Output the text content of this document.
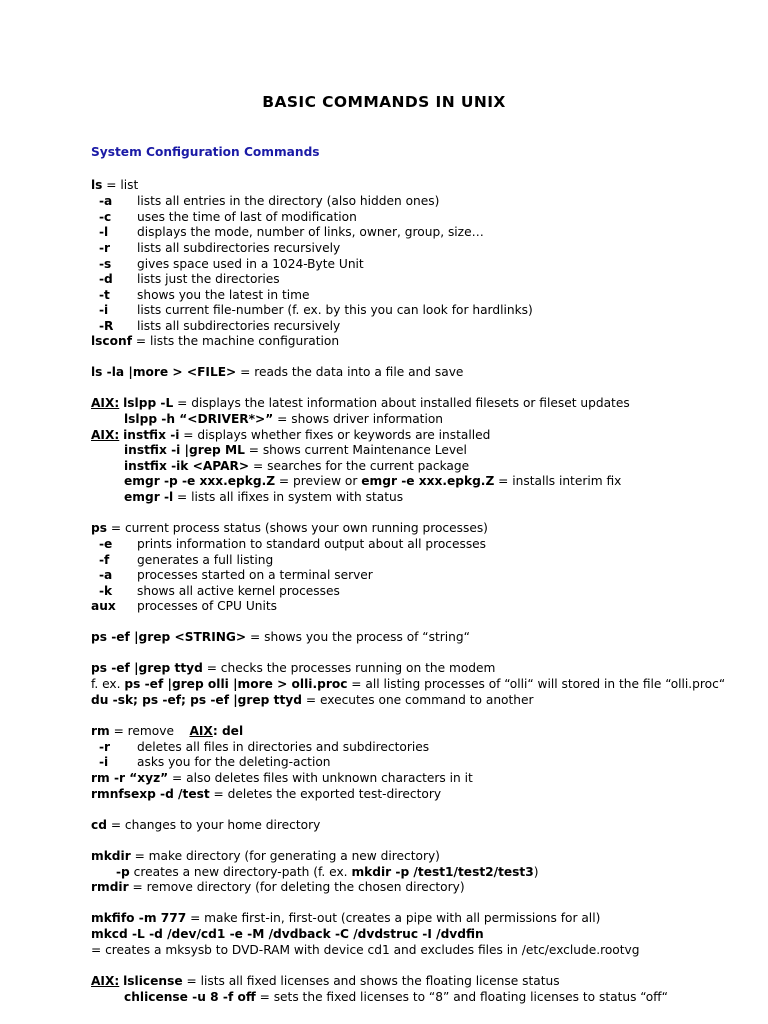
BASIC COMMANDS IN UNIX
System Configuration Commands
ls = list
-a lists all entries in the directory (also hidden ones)
-c uses the time of last of modification
-l displays the mode, number of links, owner, group, size…
-r lists all subdirectories recursively
-s gives space used in a 1024-Byte Unit
-d lists just the directories
-t shows you the latest in time
-i lists current file-number (f. ex. by this you can look for hardlinks)
-R lists all subdirectories recursively
lsconf = lists the machine configuration
ls -la |more > <FILE> = reads the data into a file and save
AIX: lslpp -L = displays the latest information about installed filesets or fileset updates
lslpp -h “<DRIVER*>” = shows driver information
AIX: instfix -i = displays whether fixes or keywords are installed
instfix -i |grep ML = shows current Maintenance Level
instfix -ik <APAR> = searches for the current package
emgr -p -e xxx.epkg.Z = preview or emgr -e xxx.epkg.Z = installs interim fix
emgr -l = lists all ifixes in system with status
ps = current process status (shows your own running processes)
-e prints information to standard output about all processes
-f generates a full listing
-a processes started on a terminal server
-k shows all active kernel processes
aux processes of CPU Units
ps -ef |grep <STRING> = shows you the process of “string“
ps -ef |grep ttyd = checks the processes running on the modem
f. ex. ps -ef |grep olli |more > olli.proc = all listing processes of “olli“ will stored in the file “olli.proc“
du -sk; ps -ef; ps -ef |grep ttyd = executes one command to another
rm = remove AIX: del
-r deletes all files in directories and subdirectories
-i asks you for the deleting-action
rm -r “xyz” = also deletes files with unknown characters in it
rmnfsexp -d /test = deletes the exported test-directory
cd = changes to your home directory
mkdir = make directory (for generating a new directory)
-p creates a new directory-path (f. ex. mkdir -p /test1/test2/test3)
rmdir = remove directory (for deleting the chosen directory)
mkfifo -m 777 = make first-in, first-out (creates a pipe with all permissions for all)
mkcd -L -d /dev/cd1 -e -M /dvdback -C /dvdstruc -I /dvdfin
= creates a mksysb to DVD-RAM with device cd1 and excludes files in /etc/exclude.rootvg
AIX: lslicense = lists all fixed licenses and shows the floating license status
chlicense -u 8 -f off = sets the fixed licenses to “8” and floating licenses to status “off“
